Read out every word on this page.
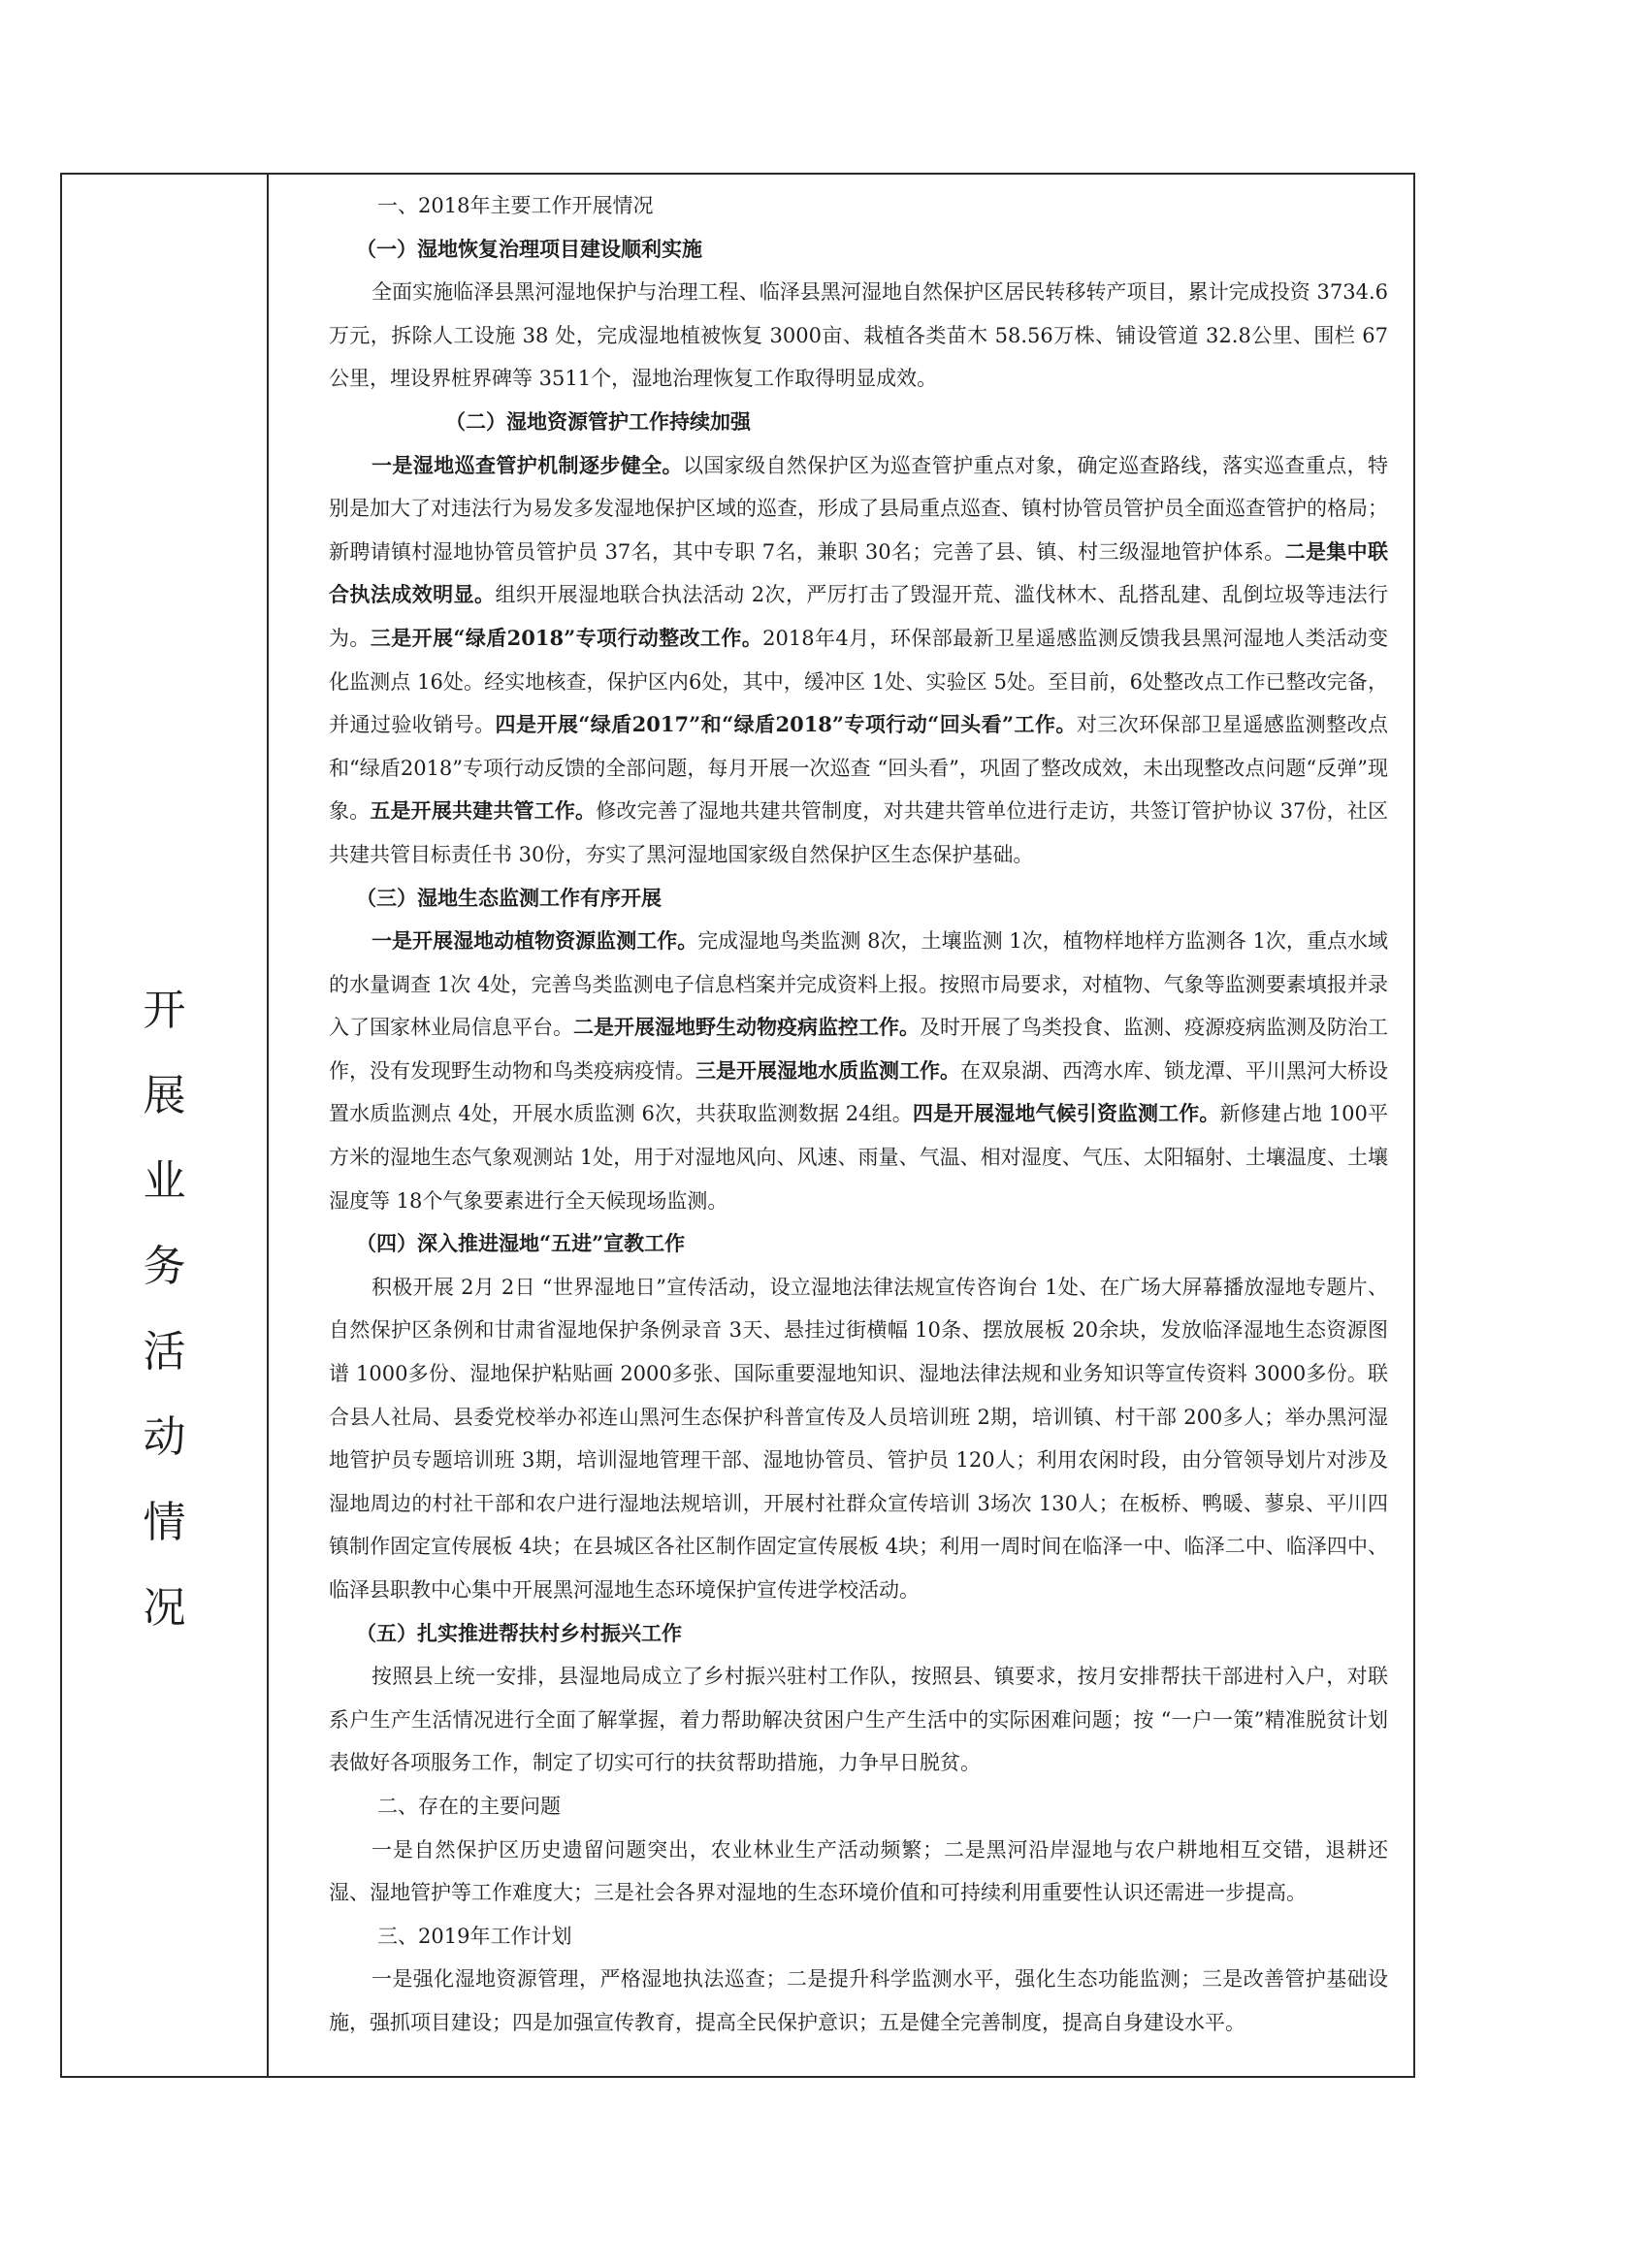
开
展
业
务
活
动
情
况

一、2018年主要工作开展情况

（一）湿地恢复治理项目建设顺利实施

全面实施临泽县黑河湿地保护与治理工程、临泽县黑河湿地自然保护区居民转移转产项目，累计完成投资 3734.6 万元，拆除人工设施 38 处，完成湿地植被恢复 3000亩、栽植各类苗木 58.56万株、铺设管道 32.8公里、围栏 67公里，埋设界桩界碑等 3511个，湿地治理恢复工作取得明显成效。

（二）湿地资源管护工作持续加强

一是湿地巡查管护机制逐步健全。以国家级自然保护区为巡查管护重点对象，确定巡查路线，落实巡查重点，特别是加大了对违法行为易发多发湿地保护区域的巡查，形成了县局重点巡查、镇村协管员管护员全面巡查管护的格局；新聘请镇村湿地协管员管护员 37名，其中专职 7名，兼职 30名；完善了县、镇、村三级湿地管护体系。二是集中联合执法成效明显。组织开展湿地联合执法活动 2次，严厉打击了毁湿开荒、滥伐林木、乱搭乱建、乱倒垃圾等违法行为。三是开展“绿盾2018”专项行动整改工作。2018年4月，环保部最新卫星遥感监测反馈我县黑河湿地人类活动变化监测点 16处。经实地核查，保护区内6处，其中，缓冲区 1处、实验区 5处。至目前，6处整改点工作已整改完备，并通过验收销号。四是开展“绿盾2017”和“绿盾2018”专项行动“回头看”工作。对三次环保部卫星遥感监测整改点和“绿盾2018”专项行动反馈的全部问题，每月开展一次巡查 “回头看”，巩固了整改成效，未出现整改点问题“反弹”现象。五是开展共建共管工作。修改完善了湿地共建共管制度，对共建共管单位进行走访，共签订管护协议 37份，社区共建共管目标责任书 30份，夯实了黑河湿地国家级自然保护区生态保护基础。

（三）湿地生态监测工作有序开展

一是开展湿地动植物资源监测工作。完成湿地鸟类监测 8次，土壤监测 1次，植物样地样方监测各 1次，重点水域的水量调查 1次 4处，完善鸟类监测电子信息档案并完成资料上报。按照市局要求，对植物、气象等监测要素填报并录入了国家林业局信息平台。二是开展湿地野生动物疫病监控工作。及时开展了鸟类投食、监测、疫源疫病监测及防治工作，没有发现野生动物和鸟类疫病疫情。三是开展湿地水质监测工作。在双泉湖、西湾水库、锁龙潭、平川黑河大桥设置水质监测点 4处，开展水质监测 6次，共获取监测数据 24组。四是开展湿地气候引资监测工作。新修建占地 100平方米的湿地生态气象观测站 1处，用于对湿地风向、风速、雨量、气温、相对湿度、气压、太阳辐射、土壤温度、土壤湿度等 18个气象要素进行全天候现场监测。

（四）深入推进湿地“五进”宣教工作

积极开展 2月 2日 “世界湿地日”宣传活动，设立湿地法律法规宣传咨询台 1处、在广场大屏幕播放湿地专题片、自然保护区条例和甘肃省湿地保护条例录音 3天、悬挂过街横幅 10条、摆放展板 20余块，发放临泽湿地生态资源图谱 1000多份、湿地保护粘贴画 2000多张、国际重要湿地知识、湿地法律法规和业务知识等宣传资料 3000多份。联合县人社局、县委党校举办祁连山黑河生态保护科普宣传及人员培训班 2期，培训镇、村干部 200多人；举办黑河湿地管护员专题培训班 3期，培训湿地管理干部、湿地协管员、管护员 120人；利用农闲时段，由分管领导划片对涉及湿地周边的村社干部和农户进行湿地法规培训，开展村社群众宣传培训 3场次 130人；在板桥、鸭暖、蓼泉、平川四镇制作固定宣传展板 4块；在县城区各社区制作固定宣传展板 4块；利用一周时间在临泽一中、临泽二中、临泽四中、临泽县职教中心集中开展黑河湿地生态环境保护宣传进学校活动。

（五）扎实推进帮扶村乡村振兴工作

按照县上统一安排，县湿地局成立了乡村振兴驻村工作队，按照县、镇要求，按月安排帮扶干部进村入户，对联系户生产生活情况进行全面了解掌握，着力帮助解决贫困户生产生活中的实际困难问题；按 “一户一策”精准脱贫计划表做好各项服务工作，制定了切实可行的扶贫帮助措施，力争早日脱贫。

二、存在的主要问题

一是自然保护区历史遗留问题突出，农业林业生产活动频繁；二是黑河沿岸湿地与农户耕地相互交错，退耕还湿、湿地管护等工作难度大；三是社会各界对湿地的生态环境价值和可持续利用重要性认识还需进一步提高。

三、2019年工作计划

一是强化湿地资源管理，严格湿地执法巡查；二是提升科学监测水平，强化生态功能监测；三是改善管护基础设施，强抓项目建设；四是加强宣传教育，提高全民保护意识；五是健全完善制度，提高自身建设水平。
